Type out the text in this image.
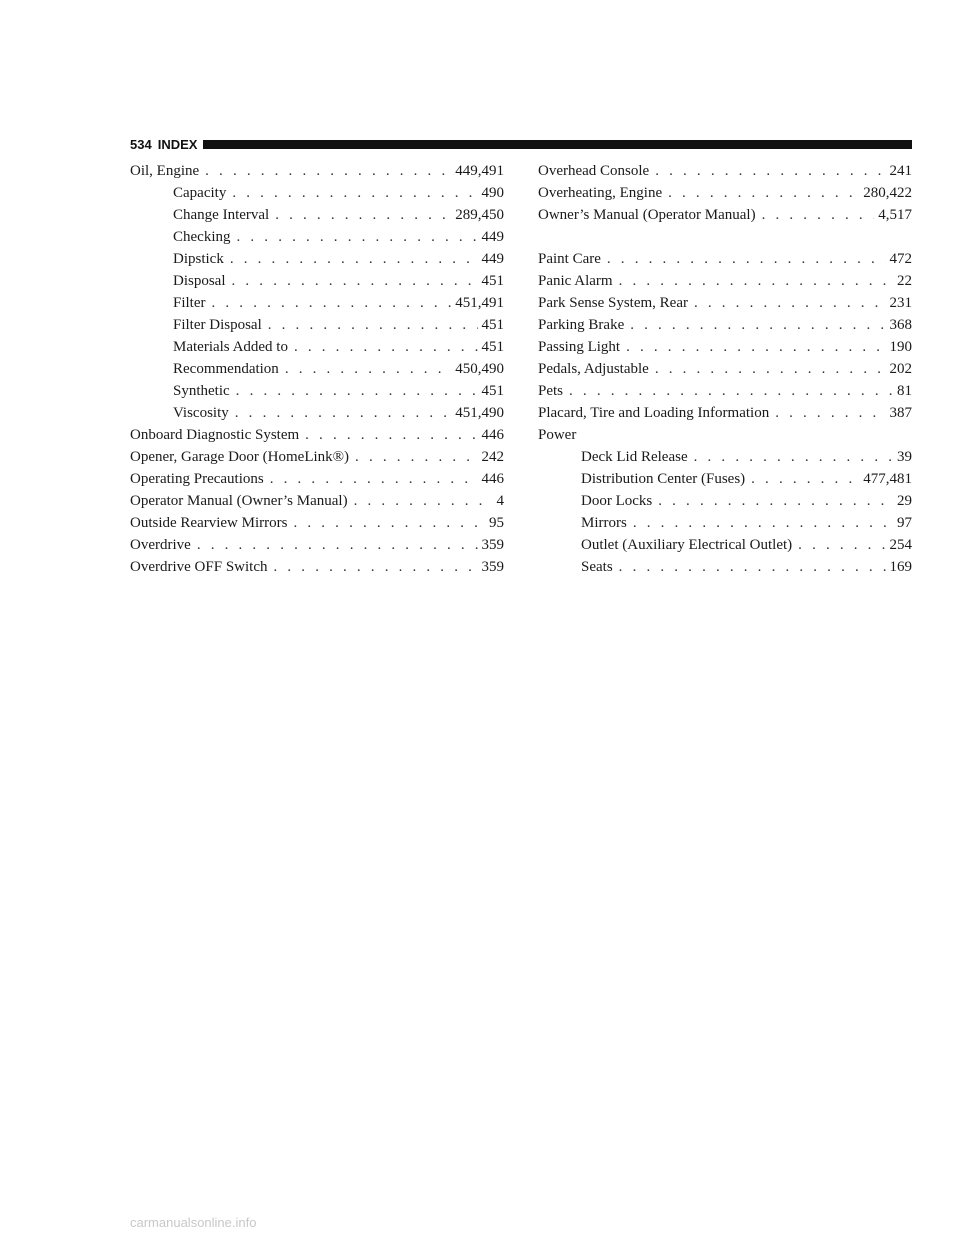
534 INDEX
Oil, Engine . . .	449,491
Capacity . . .	490
Change Interval . . .	289,450
Checking . . .	449
Dipstick . . .	449
Disposal . . .	451
Filter . . .	451,491
Filter Disposal . . .	451
Materials Added to . . .	451
Recommendation . . .	450,490
Synthetic . . .	451
Viscosity . . .	451,490
Onboard Diagnostic System . . .	446
Opener, Garage Door (HomeLink®) . . .	242
Operating Precautions . . .	446
Operator Manual (Owner’s Manual) . . .	4
Outside Rearview Mirrors . . .	95
Overdrive . . .	359
Overdrive OFF Switch . . .	359
Overhead Console . . .	241
Overheating, Engine . . .	280,422
Owner’s Manual (Operator Manual) . . .	4,517
Paint Care . . .	472
Panic Alarm . . .	22
Park Sense System, Rear . . .	231
Parking Brake . . .	368
Passing Light . . .	190
Pedals, Adjustable . . .	202
Pets . . .	81
Placard, Tire and Loading Information . . .	387
Power
Deck Lid Release . . .	39
Distribution Center (Fuses) . . .	477,481
Door Locks . . .	29
Mirrors . . .	97
Outlet (Auxiliary Electrical Outlet) . . .	254
Seats . . .	169
carmanualsonline.info
